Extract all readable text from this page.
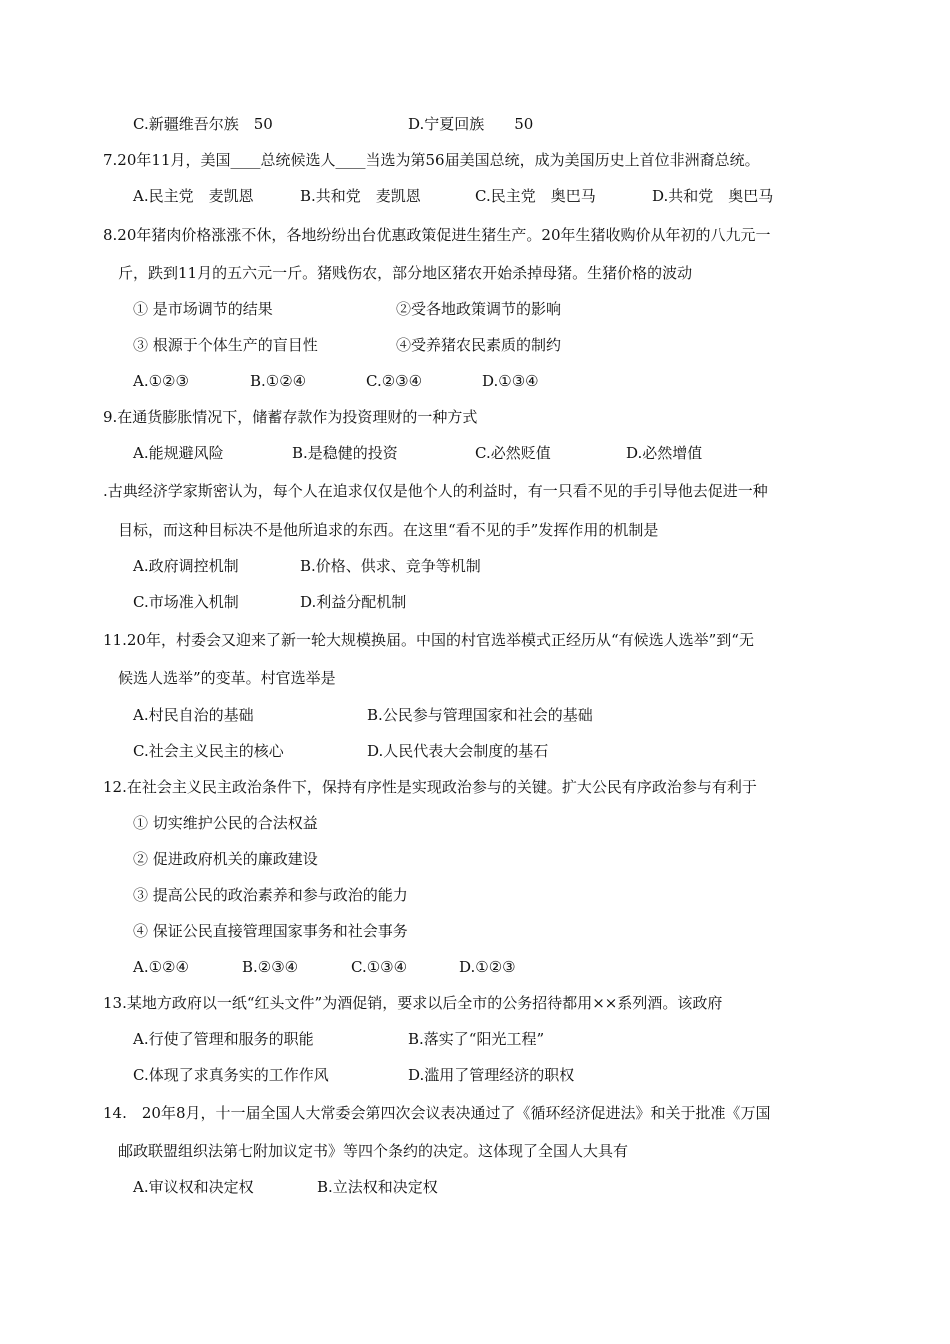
C.新疆维吾尔族　50	D.宁夏回族　　50
7.20年11月，美国____总统候选人____当选为第56届美国总统，成为美国历史上首位非洲裔总统。
A.民主党　麦凯恩	B.共和党　麦凯恩	C.民主党　奥巴马	D.共和党　奥巴马
8.20年猪肉价格涨涨不休，各地纷纷出台优惠政策促进生猪生产。20年生猪收购价从年初的八九元一
斤，跌到11月的五六元一斤。猪贱伤农，部分地区猪农开始杀掉母猪。生猪价格的波动
① 是市场调节的结果	②受各地政策调节的影响
③ 根源于个体生产的盲目性	④受养猪农民素质的制约
A.①②③	B.①②④	C.②③④	D.①③④
9.在通货膨胀情况下，储蓄存款作为投资理财的一种方式
A.能规避风险	B.是稳健的投资	C.必然贬值	D.必然增值
.古典经济学家斯密认为，每个人在追求仅仅是他个人的利益时，有一只看不见的手引导他去促进一种
目标，而这种目标决不是他所追求的东西。在这里“看不见的手”发挥作用的机制是
A.政府调控机制	B.价格、供求、竞争等机制
C.市场准入机制	D.利益分配机制
11.20年，村委会又迎来了新一轮大规模换届。中国的村官选举模式正经历从“有候选人选举”到“无
候选人选举”的变革。村官选举是
A.村民自治的基础	B.公民参与管理国家和社会的基础
C.社会主义民主的核心	D.人民代表大会制度的基石
12.在社会主义民主政治条件下，保持有序性是实现政治参与的关键。扩大公民有序政治参与有利于
① 切实维护公民的合法权益
② 促进政府机关的廉政建设
③ 提高公民的政治素养和参与政治的能力
④ 保证公民直接管理国家事务和社会事务
A.①②④	B.②③④	C.①③④	D.①②③
13.某地方政府以一纸“红头文件”为酒促销，要求以后全市的公务招待都用××系列酒。该政府
A.行使了管理和服务的职能	B.落实了“阳光工程”
C.体现了求真务实的工作作风	D.滥用了管理经济的职权
14.　20年8月，十一届全国人大常委会第四次会议表决通过了《循环经济促进法》和关于批准《万国
邮政联盟组织法第七附加议定书》等四个条约的决定。这体现了全国人大具有
A.审议权和决定权	B.立法权和决定权
